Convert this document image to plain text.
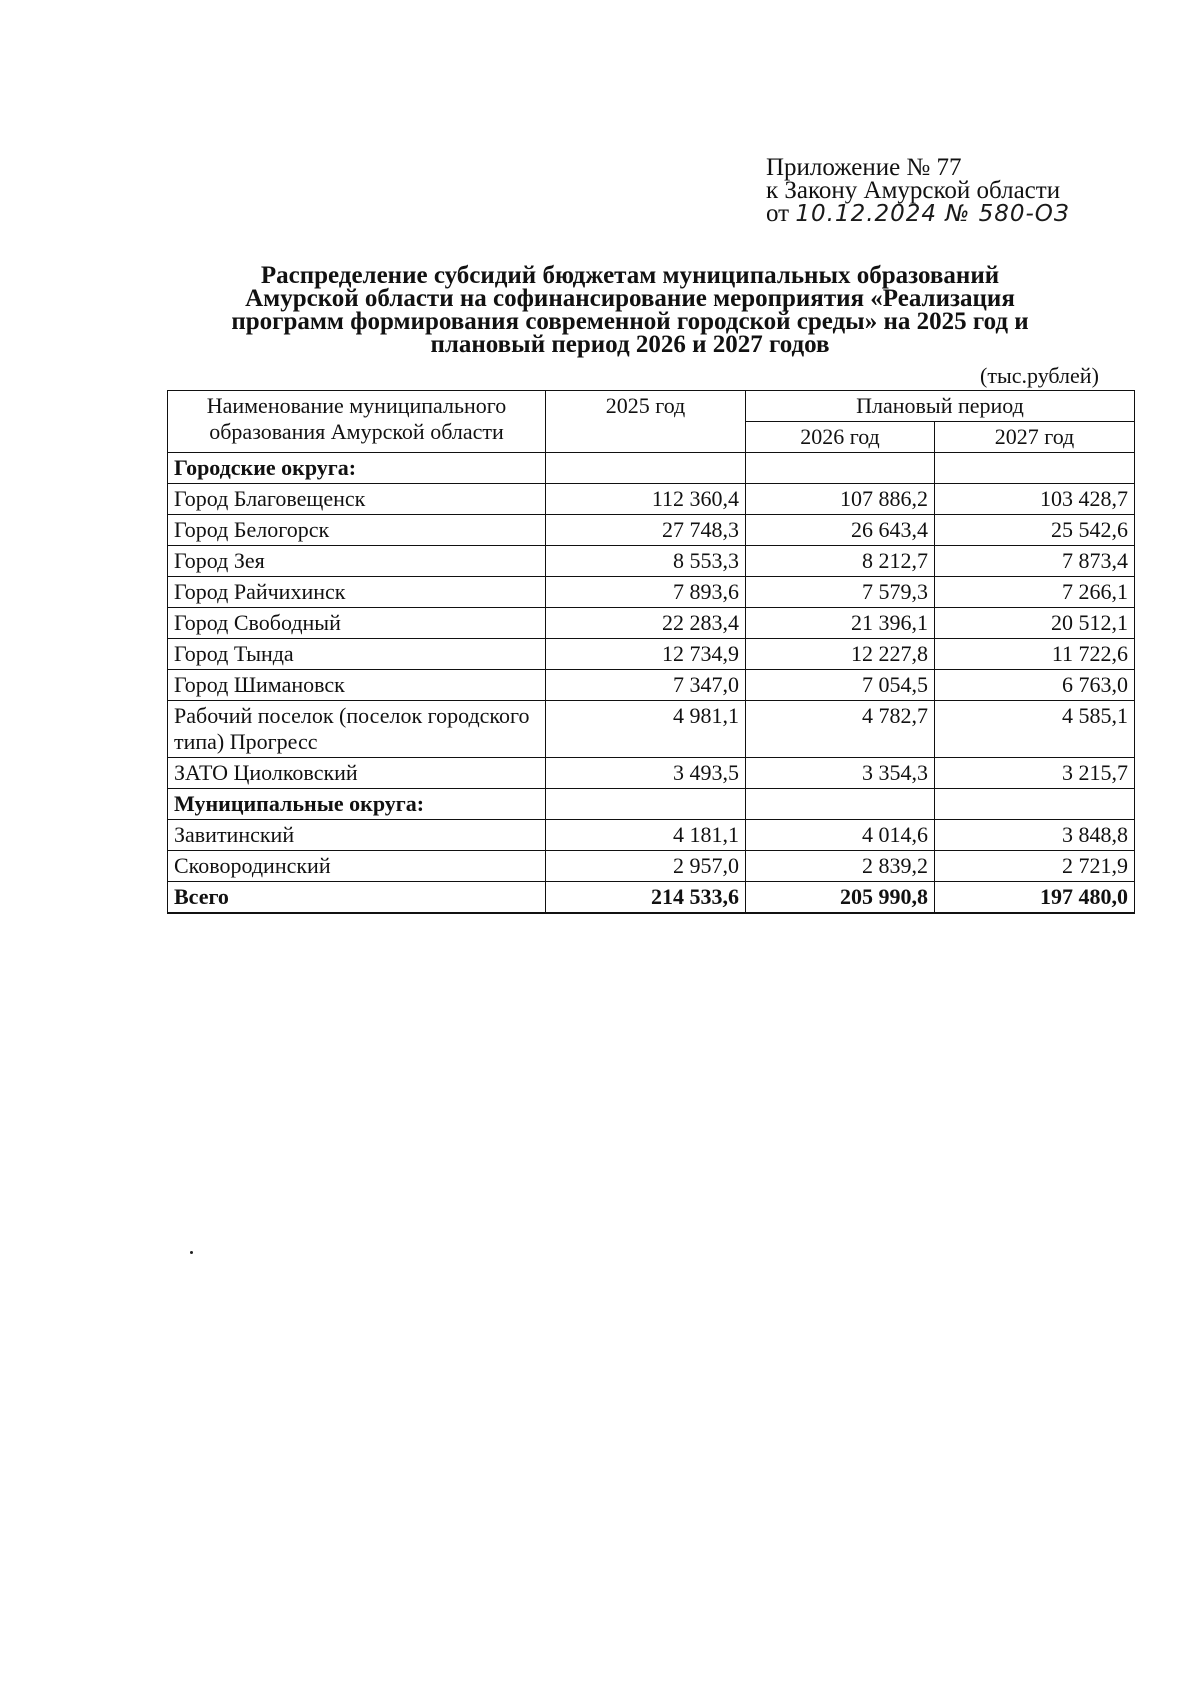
Приложение № 77
к Закону Амурской области
от 10.12.2024 № 580-ОЗ
Распределение субсидий бюджетам муниципальных образований
Амурской области на софинансирование мероприятия «Реализация
программ формирования современной городской среды» на 2025 год и
плановый период 2026 и 2027 годов
(тыс.рублей)
Наименование муниципального образования Амурской области	2025 год	Плановый период	
		2026 год	2027 год
Городские округа:			
Город Благовещенск	112 360,4	107 886,2	103 428,7
Город Белогорск	27 748,3	26 643,4	25 542,6
Город Зея	8 553,3	8 212,7	7 873,4
Город Райчихинск	7 893,6	7 579,3	7 266,1
Город Свободный	22 283,4	21 396,1	20 512,1
Город Тында	12 734,9	12 227,8	11 722,6
Город Шимановск	7 347,0	7 054,5	6 763,0
Рабочий поселок (поселок городского типа) Прогресс	4 981,1	4 782,7	4 585,1
ЗАТО Циолковский	3 493,5	3 354,3	3 215,7
Муниципальные округа:			
Завитинский	4 181,1	4 014,6	3 848,8
Сковородинский	2 957,0	2 839,2	2 721,9
Всего	214 533,6	205 990,8	197 480,0
